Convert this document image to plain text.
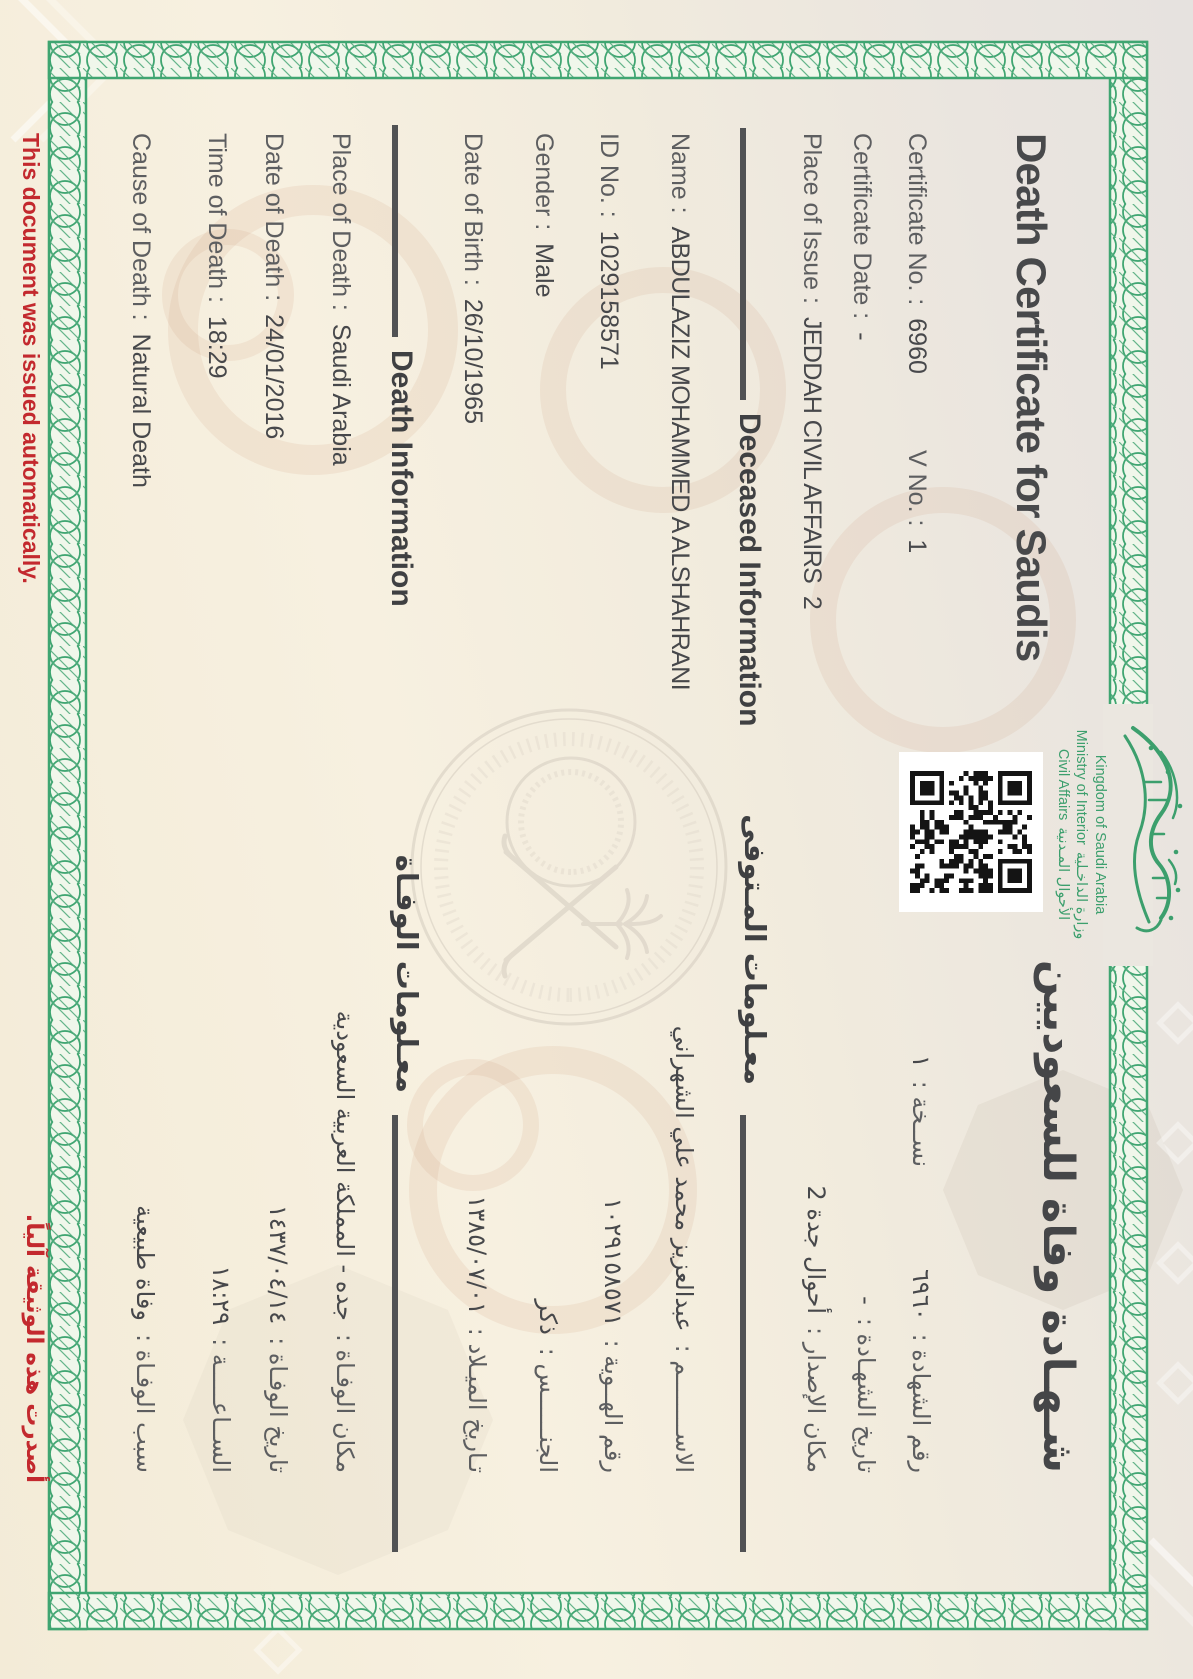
Kingdom of Saudi Arabia
Ministry of Interior
وزارة الداخـلية
Civil Affairs
الأحوال المـدنية
Death Certificate for Saudis
شـهـادة وفاة للسعوديين
Certificate No. :6960
V No. :1
نســخة :١
رقم الشهادة :٦٩٦٠
Certificate Date :-
تاريخ الشهـادة :-
Place of Issue :JEDDAH CIVIL AFFAIRS  2
مكان الإصدار :أحوال جدة 2
Deceased Information
معـلومات المـتوفى
Name :ABDULAZIZ MOHAMMED A ALSHAHRANI
الاســــــــم :عبدالعزيز محمد علي الشهراني
ID No. :1029158571
رقم الهــوية :١٠٢٩١٥٨٥٧١
Gender :Male
الجنــــــس :ذكر
Date of Birth :26/10/1965
تـاريخ الميـلاد :١٣٨٥/٠٧/٠١
Death Information
معـلومات الوفـاة
Place of Death :Saudi Arabia
مكان الوفـاة :جده - المملكة العربية السعودية
Date of Death :24/01/2016
تاريخ الوفـاة :١٤٣٧/٠٤/١٤
Time of Death :18:29
الســاعـــــة :١٨:٢٩
Cause of Death :Natural Death
سبب الوفـاة :وفاة طبيعية
This document was issued automatically.
أصدرت هذه الوثيقة آلياً.
